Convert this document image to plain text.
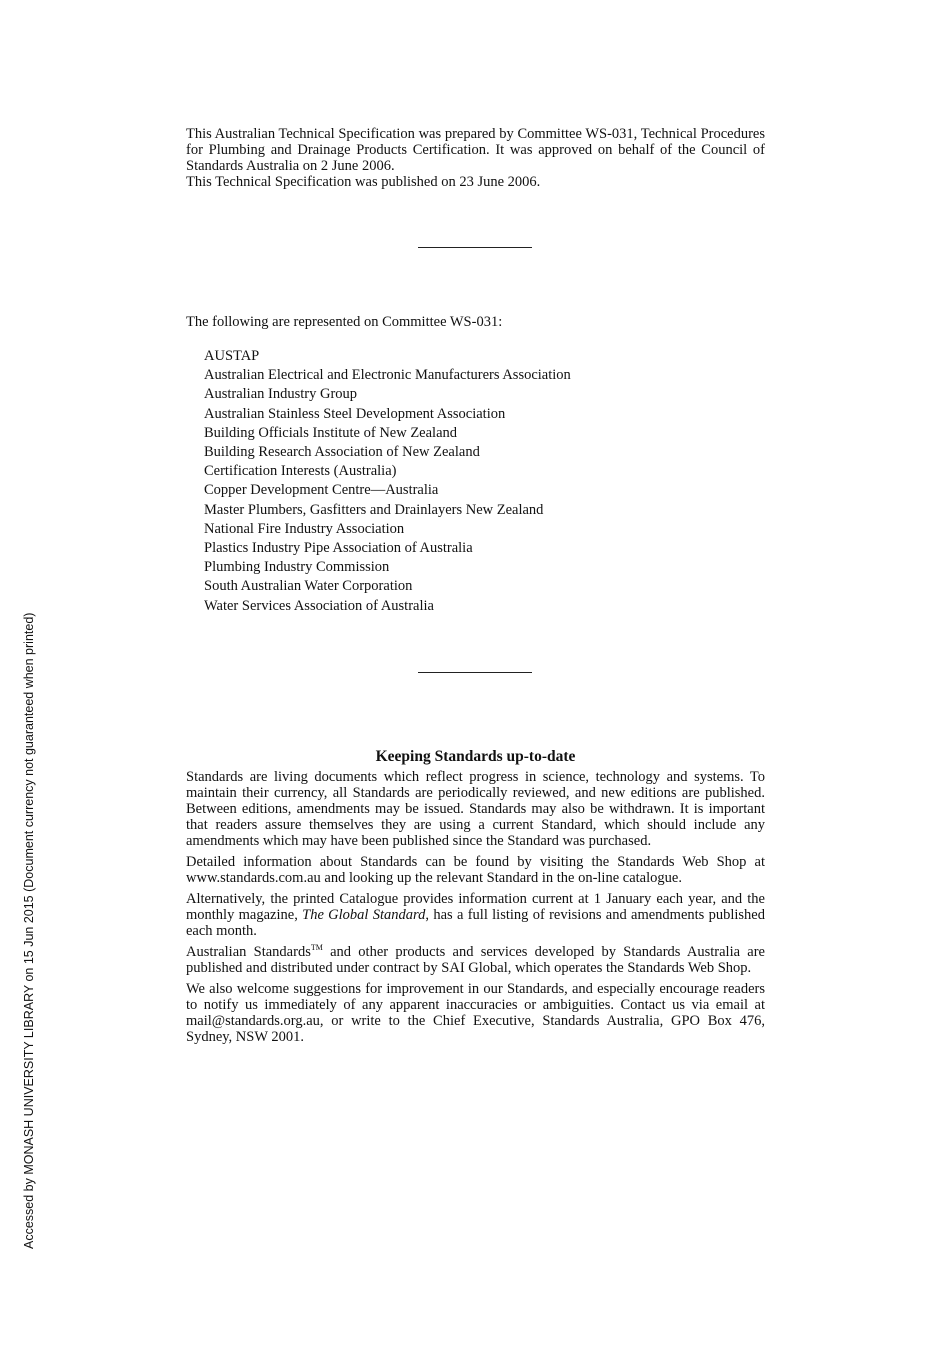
This Australian Technical Specification was prepared by Committee WS-031, Technical Procedures for Plumbing and Drainage Products Certification. It was approved on behalf of the Council of Standards Australia on 2 June 2006.

This Technical Specification was published on 23 June 2006.

The following are represented on Committee WS-031:
AUSTAP
Australian Electrical and Electronic Manufacturers Association
Australian Industry Group
Australian Stainless Steel Development Association
Building Officials Institute of New Zealand
Building Research Association of New Zealand
Certification Interests (Australia)
Copper Development Centre—Australia
Master Plumbers, Gasfitters and Drainlayers New Zealand
National Fire Industry Association
Plastics Industry Pipe Association of Australia
Plumbing Industry Commission
South Australian Water Corporation
Water Services Association of Australia
Keeping Standards up-to-date

Standards are living documents which reflect progress in science, technology and systems. To maintain their currency, all Standards are periodically reviewed, and new editions are published. Between editions, amendments may be issued. Standards may also be withdrawn. It is important that readers assure themselves they are using a current Standard, which should include any amendments which may have been published since the Standard was purchased.

Detailed information about Standards can be found by visiting the Standards Web Shop at www.standards.com.au and looking up the relevant Standard in the on-line catalogue.

Alternatively, the printed Catalogue provides information current at 1 January each year, and the monthly magazine, The Global Standard, has a full listing of revisions and amendments published each month.

Australian Standards™ and other products and services developed by Standards Australia are published and distributed under contract by SAI Global, which operates the Standards Web Shop.

We also welcome suggestions for improvement in our Standards, and especially encourage readers to notify us immediately of any apparent inaccuracies or ambiguities. Contact us via email at mail@standards.org.au, or write to the Chief Executive, Standards Australia, GPO Box 476, Sydney, NSW 2001.

Accessed by MONASH UNIVERSITY LIBRARY on 15 Jun 2015 (Document currency not guaranteed when printed)
